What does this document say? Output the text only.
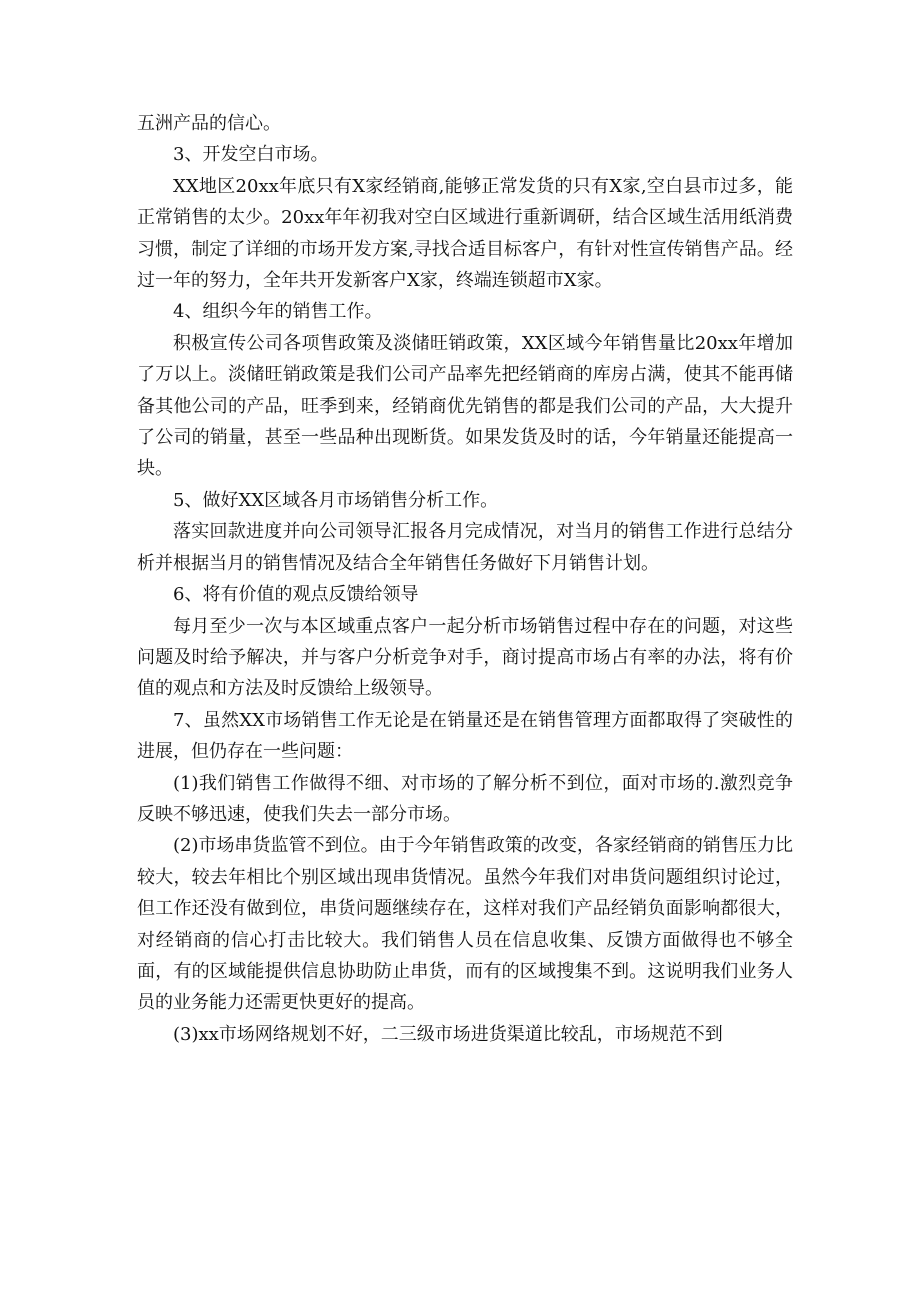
五洲产品的信心。

3、开发空白市场。

XX地区20xx年底只有X家经销商,能够正常发货的只有X家,空白县市过多，能正常销售的太少。20xx年年初我对空白区域进行重新调研，结合区域生活用纸消费习惯，制定了详细的市场开发方案,寻找合适目标客户，有针对性宣传销售产品。经过一年的努力，全年共开发新客户X家，终端连锁超市X家。

4、组织今年的销售工作。

积极宣传公司各项售政策及淡储旺销政策，XX区域今年销售量比20xx年增加了万以上。淡储旺销政策是我们公司产品率先把经销商的库房占满，使其不能再储备其他公司的产品，旺季到来，经销商优先销售的都是我们公司的产品，大大提升了公司的销量，甚至一些品种出现断货。如果发货及时的话，今年销量还能提高一块。

5、做好XX区域各月市场销售分析工作。

落实回款进度并向公司领导汇报各月完成情况，对当月的销售工作进行总结分析并根据当月的销售情况及结合全年销售任务做好下月销售计划。

6、将有价值的观点反馈给领导

每月至少一次与本区域重点客户一起分析市场销售过程中存在的问题，对这些问题及时给予解决，并与客户分析竞争对手，商讨提高市场占有率的办法，将有价值的观点和方法及时反馈给上级领导。

7、虽然XX市场销售工作无论是在销量还是在销售管理方面都取得了突破性的进展，但仍存在一些问题：

(1)我们销售工作做得不细、对市场的了解分析不到位，面对市场的.激烈竞争反映不够迅速，使我们失去一部分市场。

(2)市场串货监管不到位。由于今年销售政策的改变，各家经销商的销售压力比较大，较去年相比个别区域出现串货情况。虽然今年我们对串货问题组织讨论过，但工作还没有做到位，串货问题继续存在，这样对我们产品经销负面影响都很大，对经销商的信心打击比较大。我们销售人员在信息收集、反馈方面做得也不够全面，有的区域能提供信息协助防止串货，而有的区域搜集不到。这说明我们业务人员的业务能力还需更快更好的提高。

(3)xx市场网络规划不好，二三级市场进货渠道比较乱，市场规范不到
